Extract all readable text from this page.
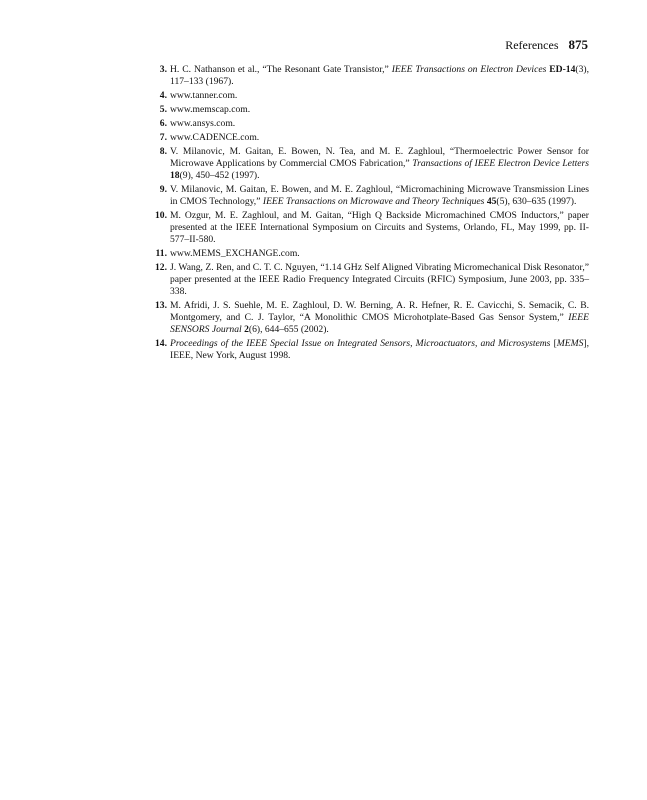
References 875
3. H. C. Nathanson et al., “The Resonant Gate Transistor,” IEEE Transactions on Electron Devices ED-14(3), 117–133 (1967).
4. www.tanner.com.
5. www.memscap.com.
6. www.ansys.com.
7. www.CADENCE.com.
8. V. Milanovic, M. Gaitan, E. Bowen, N. Tea, and M. E. Zaghloul, “Thermoelectric Power Sensor for Microwave Applications by Commercial CMOS Fabrication,” Transactions of IEEE Electron Device Letters 18(9), 450–452 (1997).
9. V. Milanovic, M. Gaitan, E. Bowen, and M. E. Zaghloul, “Micromachining Microwave Transmission Lines in CMOS Technology,” IEEE Transactions on Microwave and Theory Techniques 45(5), 630–635 (1997).
10. M. Ozgur, M. E. Zaghloul, and M. Gaitan, “High Q Backside Micromachined CMOS Inductors,” paper presented at the IEEE International Symposium on Circuits and Systems, Orlando, FL, May 1999, pp. II-577–II-580.
11. www.MEMS_EXCHANGE.com.
12. J. Wang, Z. Ren, and C. T. C. Nguyen, “1.14 GHz Self Aligned Vibrating Micromechanical Disk Resonator,” paper presented at the IEEE Radio Frequency Integrated Circuits (RFIC) Symposium, June 2003, pp. 335–338.
13. M. Afridi, J. S. Suehle, M. E. Zaghloul, D. W. Berning, A. R. Hefner, R. E. Cavicchi, S. Semacik, C. B. Montgomery, and C. J. Taylor, “A Monolithic CMOS Microhotplate-Based Gas Sensor System,” IEEE SENSORS Journal 2(6), 644–655 (2002).
14. Proceedings of the IEEE Special Issue on Integrated Sensors, Microactuators, and Microsystems [MEMS], IEEE, New York, August 1998.
